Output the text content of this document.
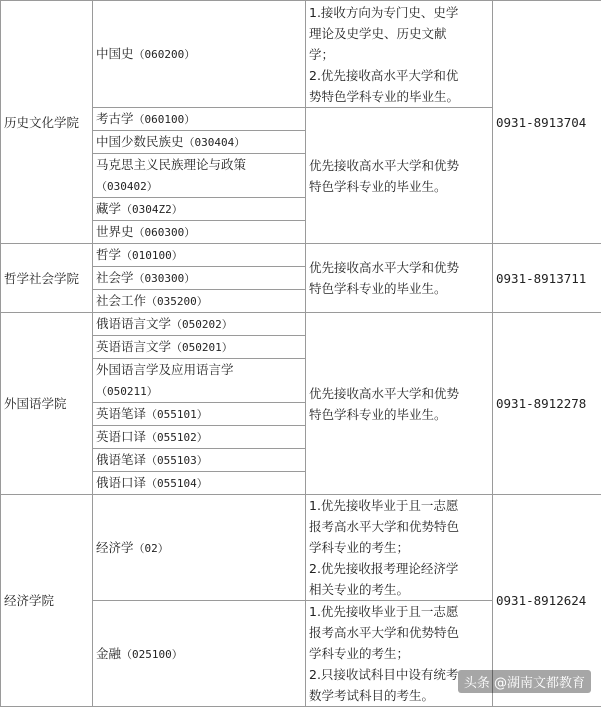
历史文化学院	中国史（060200）	1.接收方向为专门史、史学
理论及史学史、历史文献
学；
2.优先接收高水平大学和优
势特色学科专业的毕业生。	0931-8913704
	考古学（060100）	优先接收高水平大学和优势
特色学科专业的毕业生。	

	中国少数民族史（030404）		
	马克思主义民族理论与政策
（030402）		
	藏学（0304Z2）		
	世界史（060300）		

哲学社会学院	哲学（010100）	优先接收高水平大学和优势
特色学科专业的毕业生。	0931-8913711
	社会学（030300）		
	社会工作（035200）		
外国语学院	俄语语言文学（050202）	优先接收高水平大学和优势
特色学科专业的毕业生。	0931-8912278
	英语语言文学（050201）		
	外国语言学及应用语言学
（050211）		
	英语笔译（055101）		
	英语口译（055102）		
	俄语笔译（055103）		
	俄语口译（055104）		
经济学院	经济学（02）	1.优先接收毕业于且一志愿
报考高水平大学和优势特色
学科专业的考生；
2.优先接收报考理论经济学
相关专业的考生。	0931-8912624
	金融（025100）	1.优先接收毕业于且一志愿
报考高水平大学和优势特色
学科专业的考生；
2.只接收试科目中设有统考
数学考试科目的考生。	
头条 @湖南文都教育
